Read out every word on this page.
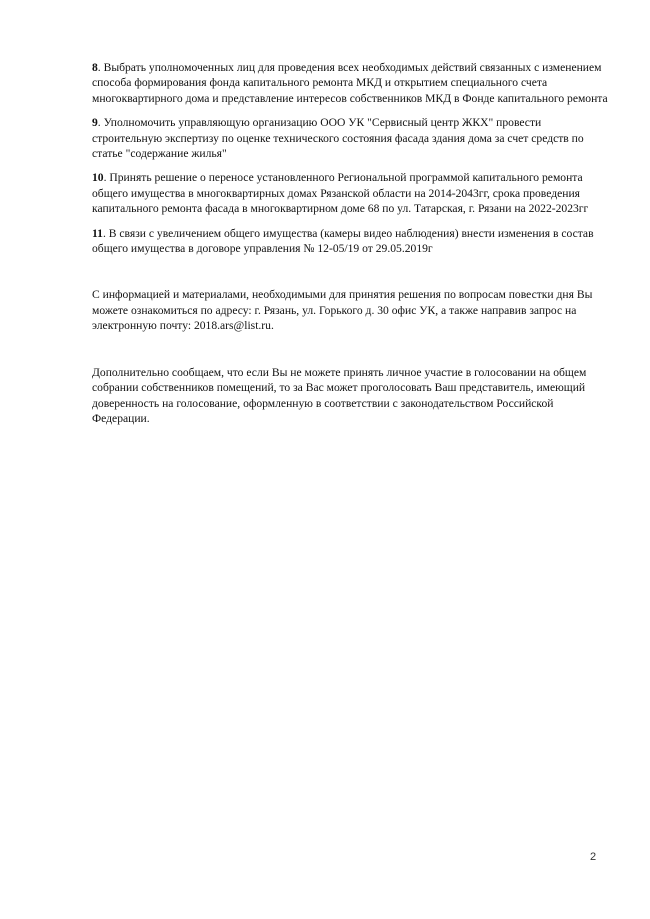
8. Выбрать уполномоченных лиц для проведения всех необходимых действий связанных с изменением способа формирования фонда капитального ремонта МКД и открытием специального счета многоквартирного дома и представление интересов собственников МКД в Фонде капитального ремонта

9. Уполномочить управляющую организацию ООО УК "Сервисный центр ЖКХ" провести строительную экспертизу по оценке технического состояния фасада здания дома за счет средств по статье "содержание жилья"

10. Принять решение о переносе установленного Региональной программой капитального ремонта общего имущества в многоквартирных домах Рязанской области на 2014-2043гг, срока проведения капитального ремонта фасада в многоквартирном доме 68 по ул. Татарская, г. Рязани на 2022-2023гг

11. В связи с увеличением общего имущества (камеры видео наблюдения) внести изменения в состав общего имущества в договоре управления № 12-05/19 от 29.05.2019г

С информацией и материалами, необходимыми для принятия решения по вопросам повестки дня Вы можете ознакомиться по адресу: г. Рязань, ул. Горького д. 30 офис УК, а также направив запрос на электронную почту: 2018.ars@list.ru.

Дополнительно сообщаем, что если Вы не можете принять личное участие в голосовании на общем собрании собственников помещений, то за Вас может проголосовать Ваш представитель, имеющий доверенность на голосование, оформленную в соответствии с законодательством Российской Федерации.

2
